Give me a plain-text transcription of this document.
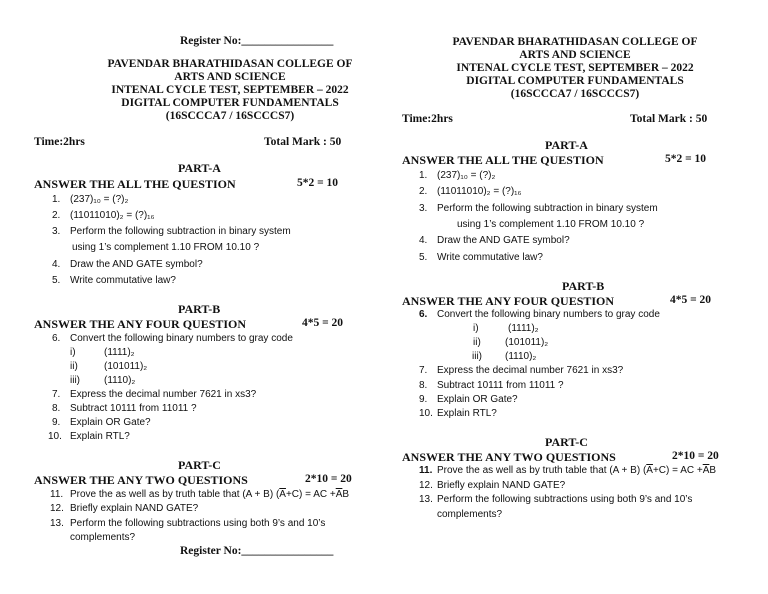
Register No:________________
PAVENDAR BHARATHIDASAN COLLEGE OF
ARTS AND SCIENCE
INTENAL CYCLE TEST, SEPTEMBER – 2022
DIGITAL COMPUTER FUNDAMENTALS
(16SCCCA7 / 16SCCCS7)
Time:2hrs	Total Mark : 50
PART-A
ANSWER THE ALL THE QUESTION	5*2 = 10
1. (237)₁₀ = (?)₂
2. (11011010)₂ = (?)₁₆
3. Perform the following subtraction in binary system
using 1’s complement 1.10 FROM 10.10 ?
4. Draw the AND GATE symbol?
5. Write commutative law?
PART-B
ANSWER THE ANY FOUR QUESTION	4*5 = 20
6. Convert the following binary numbers to gray code
i)	(1111)₂
ii)	(101011)₂
iii) (1110)₂
7. Express the decimal number 7621 in xs3?
8. Subtract 10111 from 11011 ?
9. Explain OR Gate?
10. Explain RTL?
PART-C
ANSWER THE ANY TWO QUESTIONS	2*10 = 20
11. Prove the as well as by truth table that (A + B) $(\overline{A}+C)$ = AC $+\overline{A}B$
12. Briefly explain NAND GATE?
13. Perform the following subtractions using both 9’s and 10’s
complements?
Register No:________________
PAVENDAR BHARATHIDASAN COLLEGE OF
ARTS AND SCIENCE
INTENAL CYCLE TEST, SEPTEMBER – 2022
DIGITAL COMPUTER FUNDAMENTALS
(16SCCCA7 / 16SCCCS7)
Time:2hrs	Total Mark : 50
PART-A
ANSWER THE ALL THE QUESTION	5*2 = 10
1. (237)₁₀ = (?)₂
2. (11011010)₂ = (?)₁₆
3. Perform the following subtraction in binary system
using 1’s complement 1.10 FROM 10.10 ?
4. Draw the AND GATE symbol?
5. Write commutative law?
PART-B
ANSWER THE ANY FOUR QUESTION	4*5 = 20
6. Convert the following binary numbers to gray code
i)	(1111)₂
ii) (101011)₂
iii) (1110)₂
7. Express the decimal number 7621 in xs3?
8. Subtract 10111 from 11011 ?
9. Explain OR Gate?
10. Explain RTL?
PART-C
ANSWER THE ANY TWO QUESTIONS	2*10 = 20
11. Prove the as well as by truth table that (A + B) $(\overline{A}+C)$ = AC $+\overline{A}B$
12. Briefly explain NAND GATE?
13. Perform the following subtractions using both 9’s and 10’s
complements?
